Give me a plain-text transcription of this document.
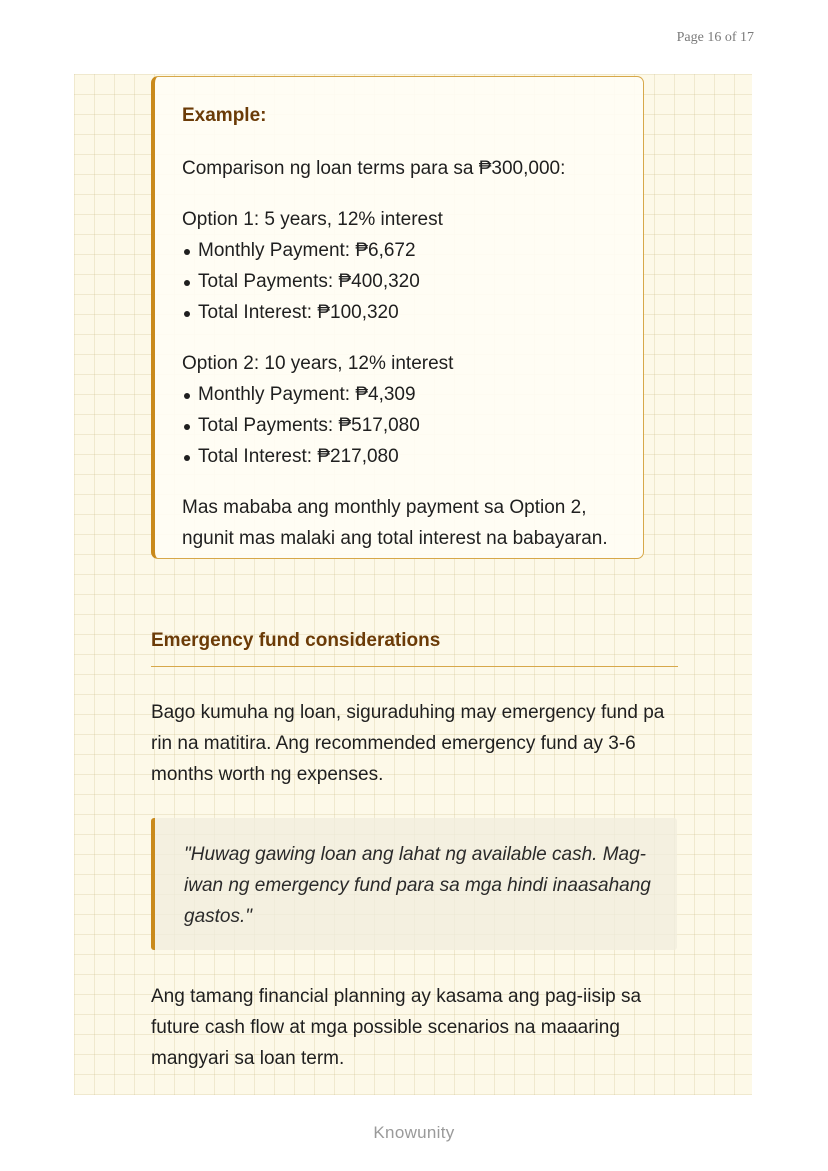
Page 16 of 17

Example:

Comparison ng loan terms para sa ₱300,000:

Option 1: 5 years, 12% interest

Monthly Payment: ₱6,672
Total Payments: ₱400,320
Total Interest: ₱100,320

Option 2: 10 years, 12% interest

Monthly Payment: ₱4,309
Total Payments: ₱517,080
Total Interest: ₱217,080

Mas mababa ang monthly payment sa Option 2, ngunit mas malaki ang total interest na babayaran.

Emergency fund considerations

Bago kumuha ng loan, siguraduhing may emergency fund pa rin na matitira. Ang recommended emergency fund ay 3-6 months worth ng expenses.

"Huwag gawing loan ang lahat ng available cash. Mag-iwan ng emergency fund para sa mga hindi inaasahang gastos."

Ang tamang financial planning ay kasama ang pag-iisip sa future cash flow at mga possible scenarios na maaaring mangyari sa loan term.

Knowunity
